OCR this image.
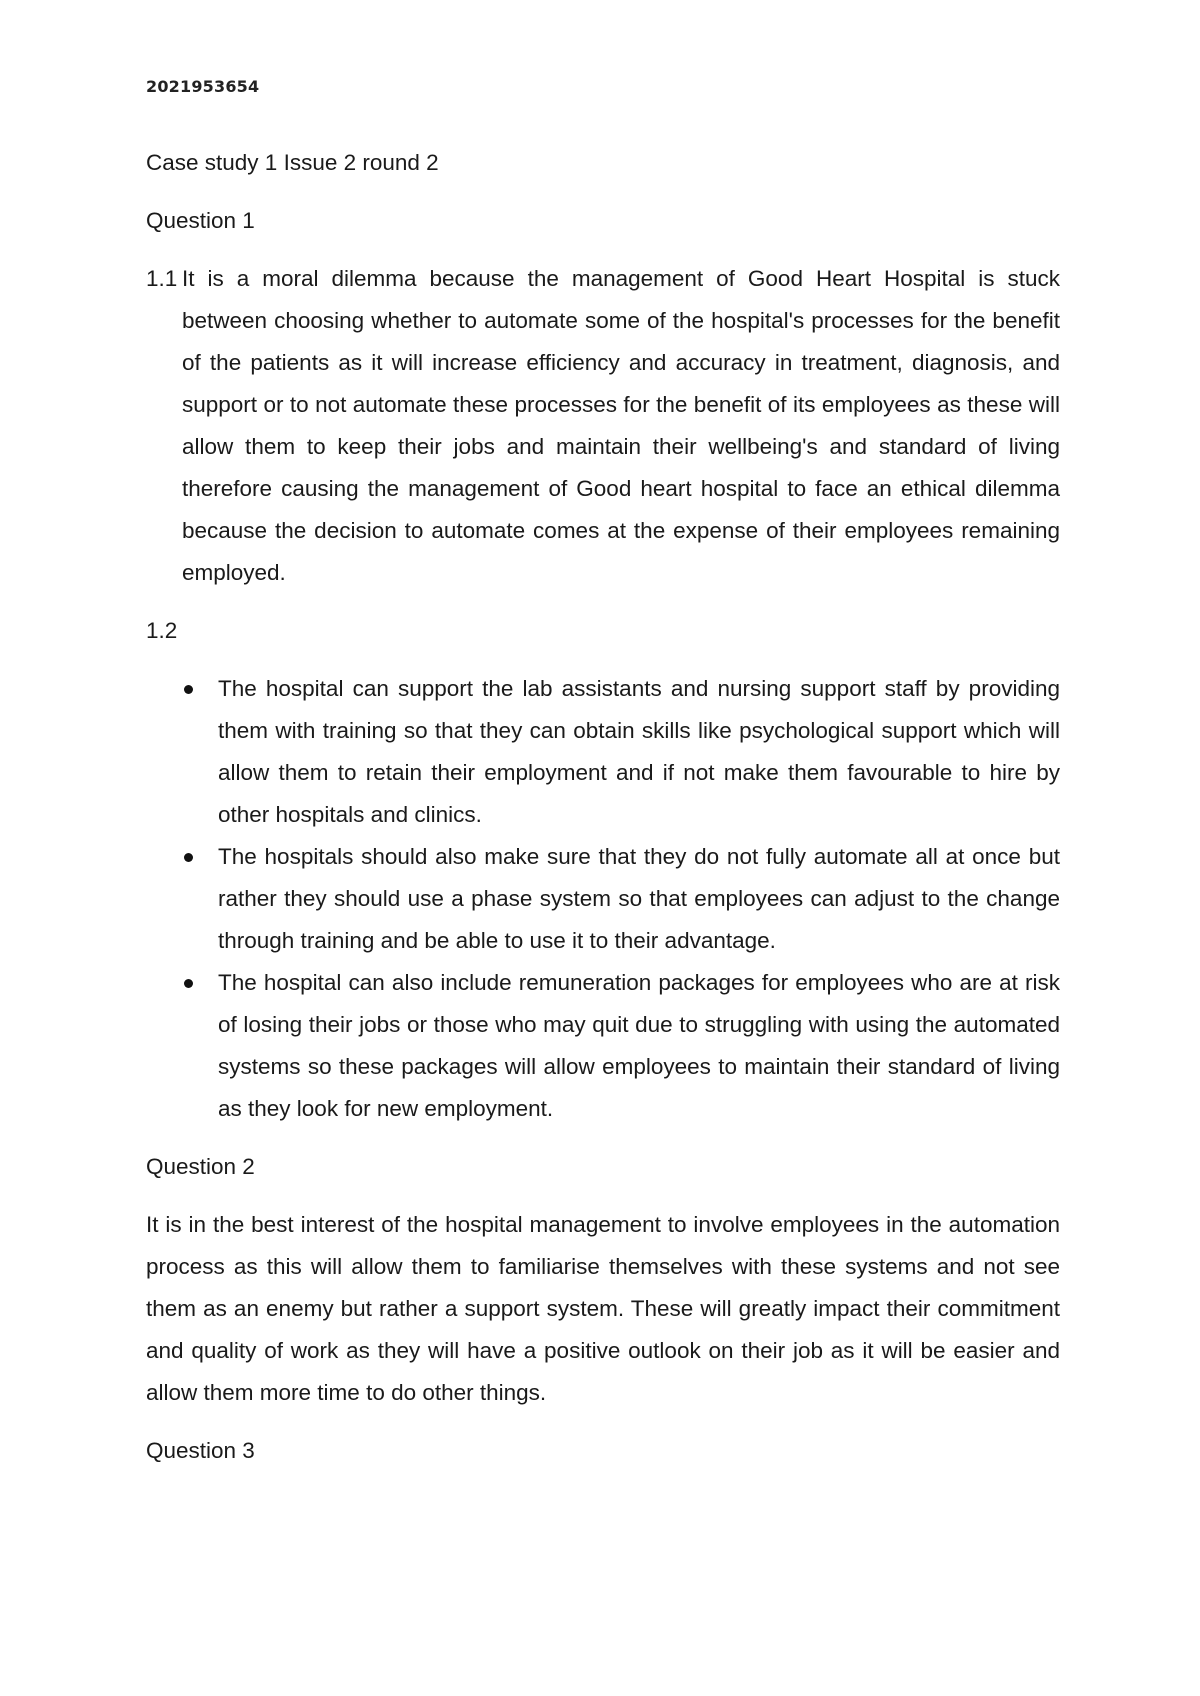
2021953654
Case study 1 Issue 2 round 2
Question 1
1.1 It is a moral dilemma because the management of Good Heart Hospital is stuck between choosing whether to automate some of the hospital's processes for the benefit of the patients as it will increase efficiency and accuracy in treatment, diagnosis, and support or to not automate these processes for the benefit of its employees as these will allow them to keep their jobs and maintain their wellbeing's and standard of living therefore causing the management of Good heart hospital to face an ethical dilemma because the decision to automate comes at the expense of their employees remaining employed.
1.2
The hospital can support the lab assistants and nursing support staff by providing them with training so that they can obtain skills like psychological support which will allow them to retain their employment and if not make them favourable to hire by other hospitals and clinics.
The hospitals should also make sure that they do not fully automate all at once but rather they should use a phase system so that employees can adjust to the change through training and be able to use it to their advantage.
The hospital can also include remuneration packages for employees who are at risk of losing their jobs or those who may quit due to struggling with using the automated systems so these packages will allow employees to maintain their standard of living as they look for new employment.
Question 2

It is in the best interest of the hospital management to involve employees in the automation process as this will allow them to familiarise themselves with these systems and not see them as an enemy but rather a support system. These will greatly impact their commitment and quality of work as they will have a positive outlook on their job as it will be easier and allow them more time to do other things.

Question 3
